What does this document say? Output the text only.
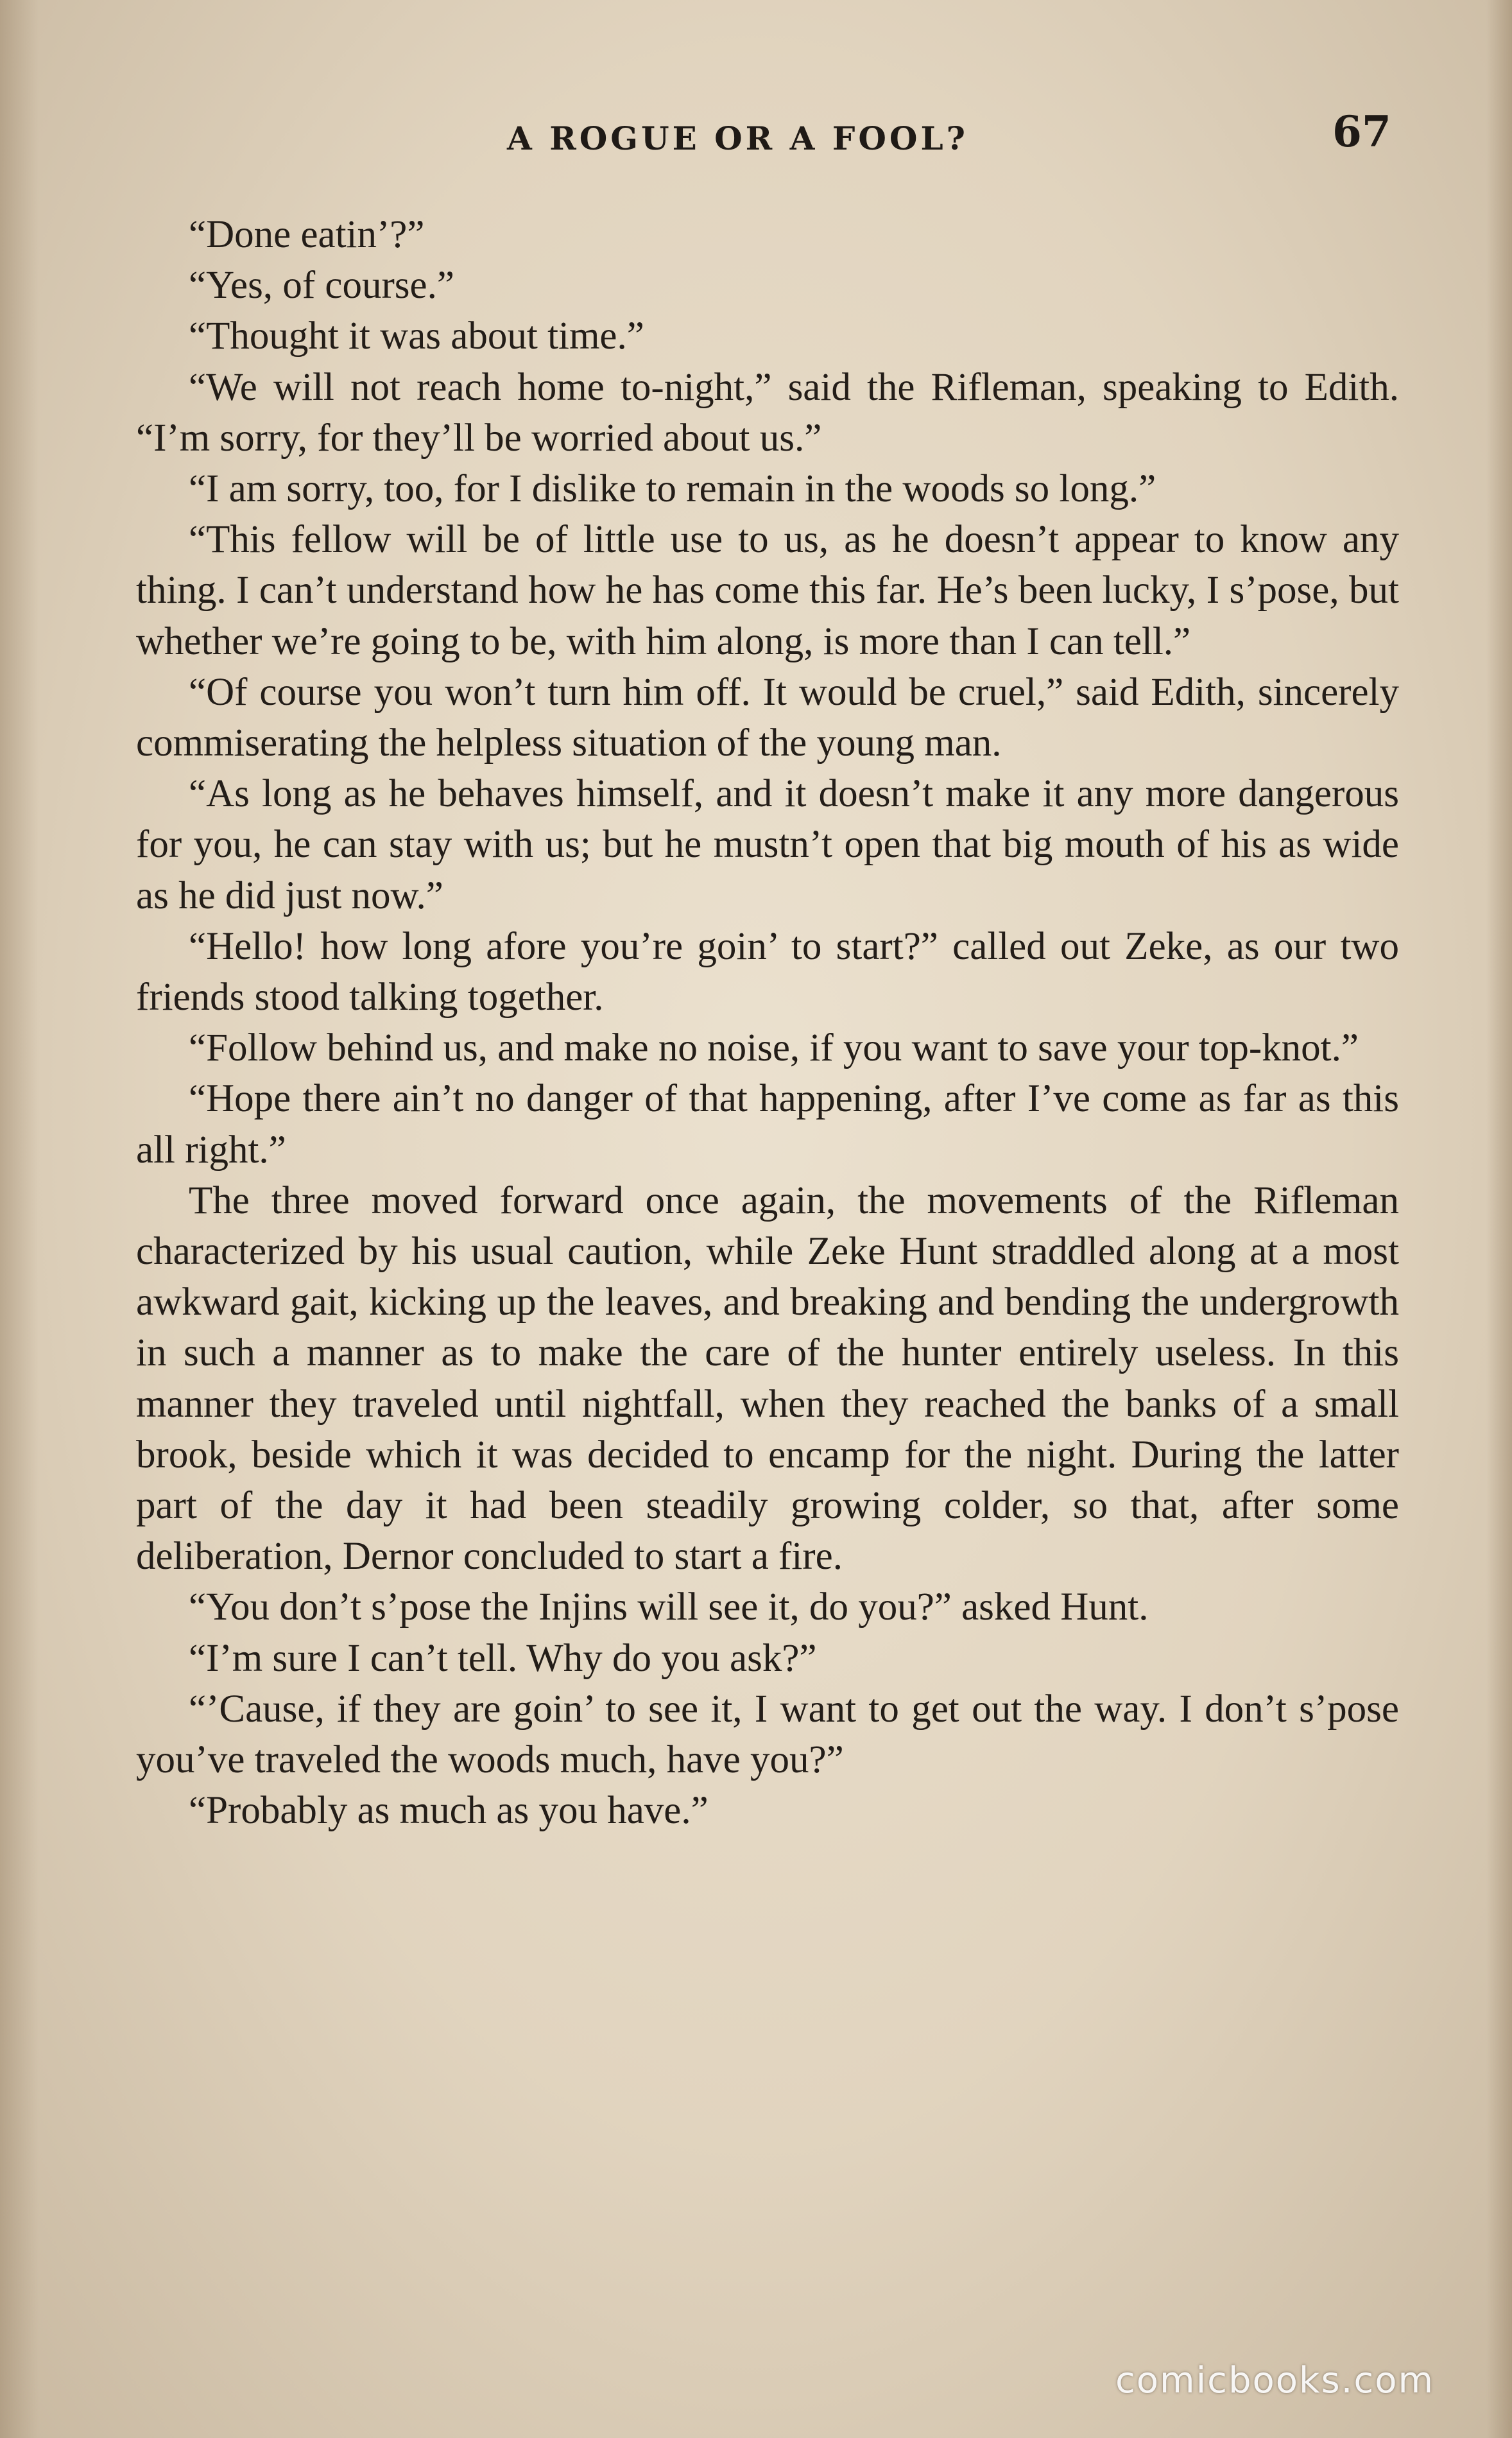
A ROGUE OR A FOOL?	67

“Done eatin’?”

“Yes, of course.”

“Thought it was about time.”

“We will not reach home to-night,” said the Rifleman, speaking to Edith. “I’m sorry, for they’ll be worried about us.”

“I am sorry, too, for I dislike to remain in the woods so long.”

“This fellow will be of little use to us, as he doesn’t appear to know any thing. I can’t understand how he has come this far. He’s been lucky, I s’pose, but whether we’re going to be, with him along, is more than I can tell.”

“Of course you won’t turn him off. It would be cruel,” said Edith, sincerely commiserating the helpless situation of the young man.

“As long as he behaves himself, and it doesn’t make it any more dangerous for you, he can stay with us; but he mustn’t open that big mouth of his as wide as he did just now.”

“Hello! how long afore you’re goin’ to start?” called out Zeke, as our two friends stood talking together.

“Follow behind us, and make no noise, if you want to save your top-knot.”

“Hope there ain’t no danger of that happening, after I’ve come as far as this all right.”

The three moved forward once again, the movements of the Rifleman characterized by his usual caution, while Zeke Hunt straddled along at a most awkward gait, kicking up the leaves, and breaking and bending the undergrowth in such a manner as to make the care of the hunter entirely useless. In this manner they traveled until nightfall, when they reached the banks of a small brook, beside which it was decided to encamp for the night. During the latter part of the day it had been steadily growing colder, so that, after some deliberation, Dernor concluded to start a fire.

“You don’t s’pose the Injins will see it, do you?” asked Hunt.

“I’m sure I can’t tell. Why do you ask?”

“’Cause, if they are goin’ to see it, I want to get out the way. I don’t s’pose you’ve traveled the woods much, have you?”

“Probably as much as you have.”

comicbooks.com
